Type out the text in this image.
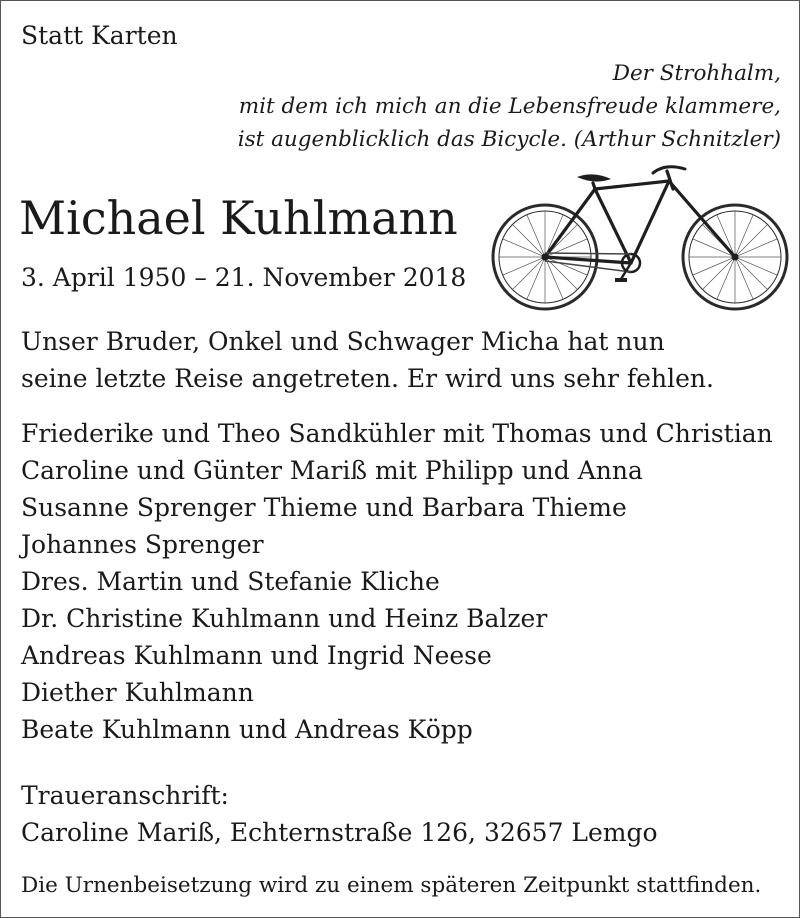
Statt Karten
Der Strohhalm,
mit dem ich mich an die Lebensfreude klammere,
ist augenblicklich das Bicycle. (Arthur Schnitzler)
Michael Kuhlmann
3. April 1950 – 21. November 2018
Unser Bruder, Onkel und Schwager Micha hat nun
seine letzte Reise angetreten. Er wird uns sehr fehlen.
Friederike und Theo Sandkühler mit Thomas und Christian
Caroline und Günter Mariß mit Philipp und Anna
Susanne Sprenger Thieme und Barbara Thieme
Johannes Sprenger
Dres. Martin und Stefanie Kliche
Dr. Christine Kuhlmann und Heinz Balzer
Andreas Kuhlmann und Ingrid Neese
Diether Kuhlmann
Beate Kuhlmann und Andreas Köpp
Traueranschrift:
Caroline Mariß, Echternstraße 126, 32657 Lemgo
Die Urnenbeisetzung wird zu einem späteren Zeitpunkt stattfinden.
